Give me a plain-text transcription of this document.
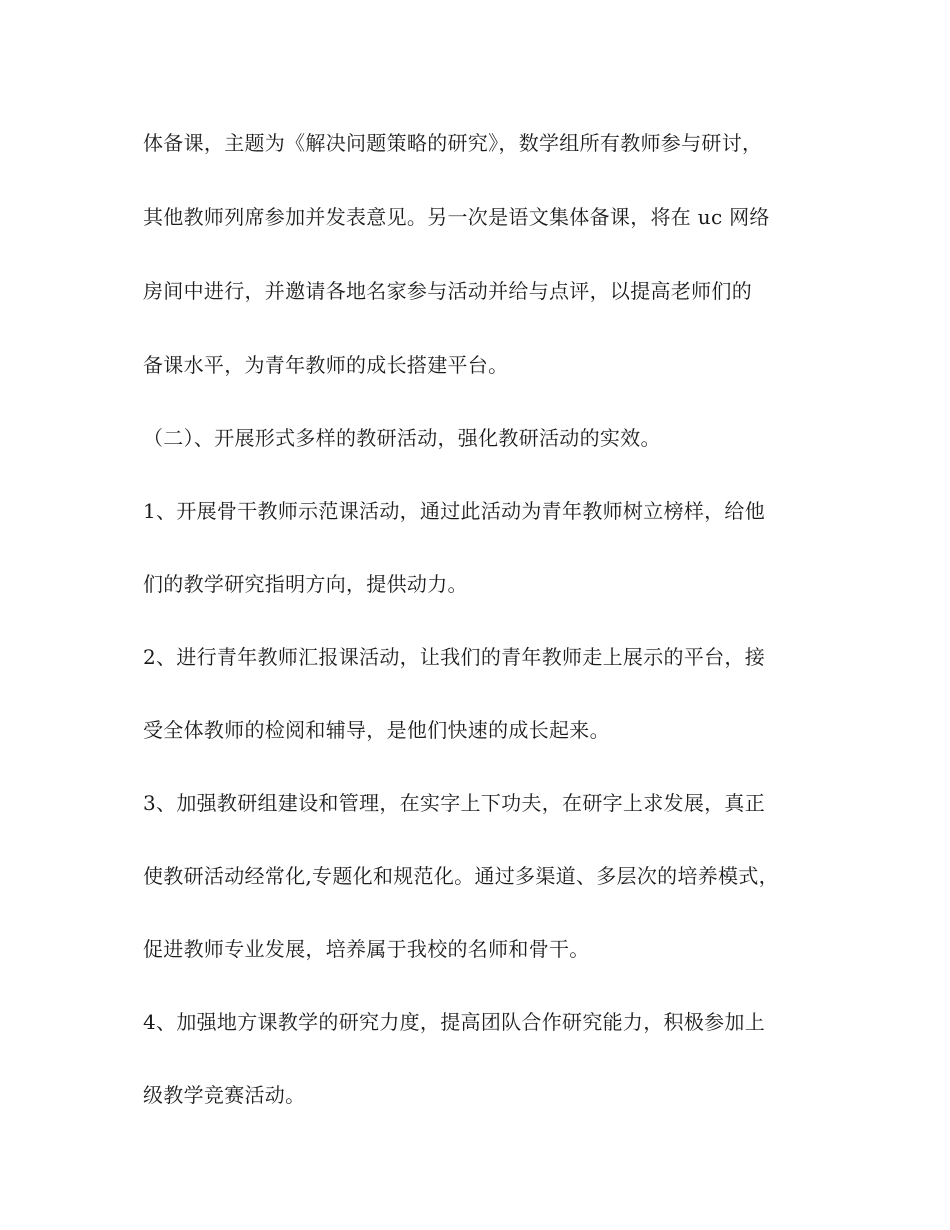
体备课，主题为《解决问题策略的研究》，数学组所有教师参与研讨，
其他教师列席参加并发表意见。另一次是语文集体备课，将在 uc 网络
房间中进行，并邀请各地名家参与活动并给与点评，以提高老师们的
备课水平，为青年教师的成长搭建平台。
（二）、开展形式多样的教研活动，强化教研活动的实效。
1、开展骨干教师示范课活动，通过此活动为青年教师树立榜样，给他
们的教学研究指明方向，提供动力。
2、进行青年教师汇报课活动，让我们的青年教师走上展示的平台，接
受全体教师的检阅和辅导，是他们快速的成长起来。
3、加强教研组建设和管理，在实字上下功夫，在研字上求发展，真正
使教研活动经常化,专题化和规范化。通过多渠道、多层次的培养模式，
促进教师专业发展，培养属于我校的名师和骨干。
4、加强地方课教学的研究力度，提高团队合作研究能力，积极参加上
级教学竞赛活动。
